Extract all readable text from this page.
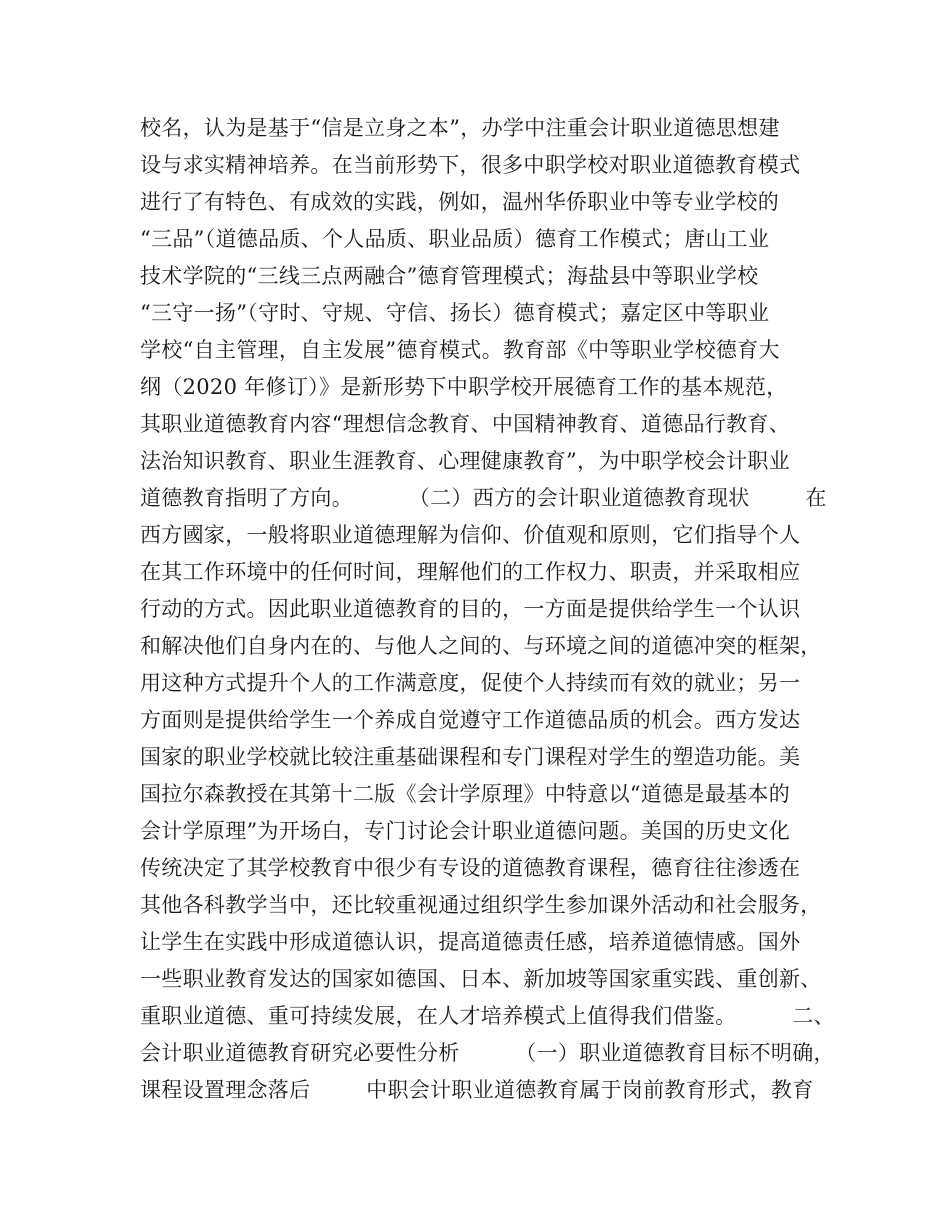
校名，认为是基于“信是立身之本”，办学中注重会计职业道德思想建
设与求实精神培养。在当前形势下，很多中职学校对职业道德教育模式
进行了有特色、有成效的实践，例如，温州华侨职业中等专业学校的
“三品”（道德品质、个人品质、职业品质）德育工作模式；唐山工业
技术学院的“三线三点两融合”德育管理模式；海盐县中等职业学校
“三守一扬”（守时、守规、守信、扬长）德育模式；嘉定区中等职业
学校“自主管理，自主发展”德育模式。教育部《中等职业学校德育大
纲（2020 年修订）》是新形势下中职学校开展德育工作的基本规范，
其职业道德教育内容“理想信念教育、中国精神教育、道德品行教育、
法治知识教育、职业生涯教育、心理健康教育”，为中职学校会计职业
道德教育指明了方向。        （二）西方的会计职业道德教育现状        在
西方國家，一般将职业道德理解为信仰、价值观和原则，它们指导个人
在其工作环境中的任何时间，理解他们的工作权力、职责，并采取相应
行动的方式。因此职业道德教育的目的，一方面是提供给学生一个认识
和解决他们自身内在的、与他人之间的、与环境之间的道德冲突的框架，
用这种方式提升个人的工作满意度，促使个人持续而有效的就业；另一
方面则是提供给学生一个养成自觉遵守工作道德品质的机会。西方发达
国家的职业学校就比较注重基础课程和专门课程对学生的塑造功能。美
国拉尔森教授在其第十二版《会计学原理》中特意以“道德是最基本的
会计学原理”为开场白，专门讨论会计职业道德问题。美国的历史文化
传统决定了其学校教育中很少有专设的道德教育课程，德育往往渗透在
其他各科教学当中，还比较重视通过组织学生参加课外活动和社会服务，
让学生在实践中形成道德认识，提高道德责任感，培养道德情感。国外
一些职业教育发达的国家如德国、日本、新加坡等国家重实践、重创新、
重职业道德、重可持续发展，在人才培养模式上值得我们借鉴。        二、
会计职业道德教育研究必要性分析        （一）职业道德教育目标不明确，
课程设置理念落后        中职会计职业道德教育属于岗前教育形式，教育
